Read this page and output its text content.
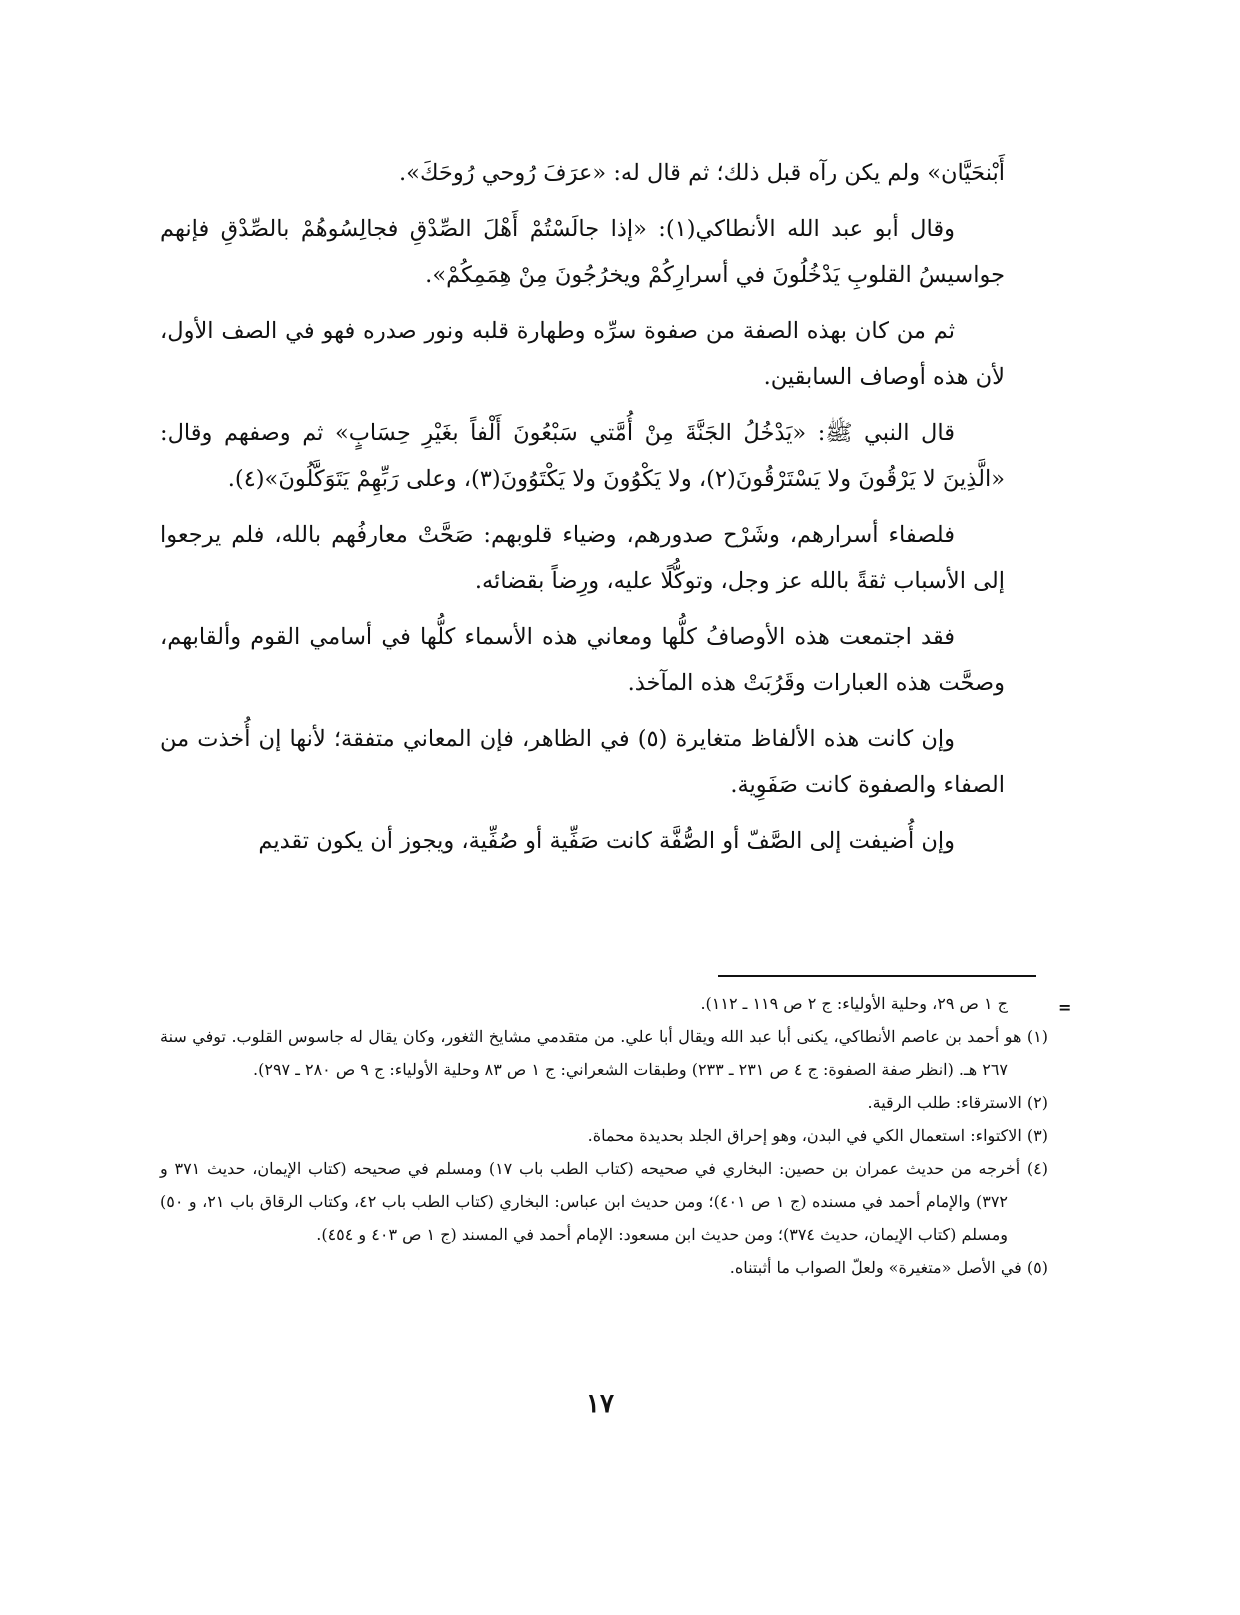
أَبْنحَيَّان» ولم يكن رآه قبل ذلك؛ ثم قال له: «عرَفَ رُوحي رُوحَكَ».

وقال أبو عبد الله الأنطاكي(١): «إذا جالَسْتُمْ أَهْلَ الصِّدْقِ فجالِسُوهُمْ بالصِّدْقِ فإنهم جواسيسُ القلوبِ يَدْخُلُونَ في أسرارِكُمْ ويخرُجُونَ مِنْ هِمَمِكُمْ».

ثم من كان بهذه الصفة من صفوة سرِّه وطهارة قلبه ونور صدره فهو في الصف الأول، لأن هذه أوصاف السابقين.

قال النبي ﷺ: «يَدْخُلُ الجَنَّةَ مِنْ أُمَّتي سَبْعُونَ أَلْفاً بغَيْرِ حِسَابٍ» ثم وصفهم وقال: «الَّذِينَ لا يَرْقُونَ ولا يَسْتَرْقُونَ(٢)، ولا يَكْوُونَ ولا يَكْتَوُونَ(٣)، وعلى رَبِّهِمْ يَتَوَكَّلُونَ»(٤).

فلصفاء أسرارهم، وشَرْح صدورهم، وضياء قلوبهم: صَحَّتْ معارفُهم بالله، فلم يرجعوا إلى الأسباب ثقةً بالله عز وجل، وتوكُّلًا عليه، ورِضاً بقضائه.

فقد اجتمعت هذه الأوصافُ كلُّها ومعاني هذه الأسماء كلُّها في أسامي القوم وألقابهم، وصحَّت هذه العبارات وقَرُبَتْ هذه المآخذ.

وإن كانت هذه الألفاظ متغايرة (٥) في الظاهر، فإن المعاني متفقة؛ لأنها إن أُخذت من الصفاء والصفوة كانت صَفَوِية.

وإن أُضيفت إلى الصَّفّ أو الصُّفَّة كانت صَفِّية أو صُفِّية، ويجوز أن يكون تقديم

=

ج ١ ص ٢٩، وحلية الأولياء: ج ٢ ص ١١٩ ـ ١١٢).

(١) هو أحمد بن عاصم الأنطاكي، يكنى أبا عبد الله ويقال أبا علي. من متقدمي مشايخ الثغور، وكان يقال له جاسوس القلوب. توفي سنة ٢٦٧ هـ. (انظر صفة الصفوة: ج ٤ ص ٢٣١ ـ ٢٣٣) وطبقات الشعراني: ج ١ ص ٨٣ وحلية الأولياء: ج ٩ ص ٢٨٠ ـ ٢٩٧).

(٢) الاسترقاء: طلب الرقية.

(٣) الاكتواء: استعمال الكي في البدن، وهو إحراق الجلد بحديدة محماة.

(٤) أخرجه من حديث عمران بن حصين: البخاري في صحيحه (كتاب الطب باب ١٧) ومسلم في صحيحه (كتاب الإيمان، حديث ٣٧١ و ٣٧٢) والإمام أحمد في مسنده (ج ١ ص ٤٠١)؛ ومن حديث ابن عباس: البخاري (كتاب الطب باب ٤٢، وكتاب الرقاق باب ٢١، و ٥٠) ومسلم (كتاب الإيمان، حديث ٣٧٤)؛ ومن حديث ابن مسعود: الإمام أحمد في المسند (ج ١ ص ٤٠٣ و ٤٥٤).

(٥) في الأصل «متغيرة» ولعلّ الصواب ما أثبتناه.

١٧
